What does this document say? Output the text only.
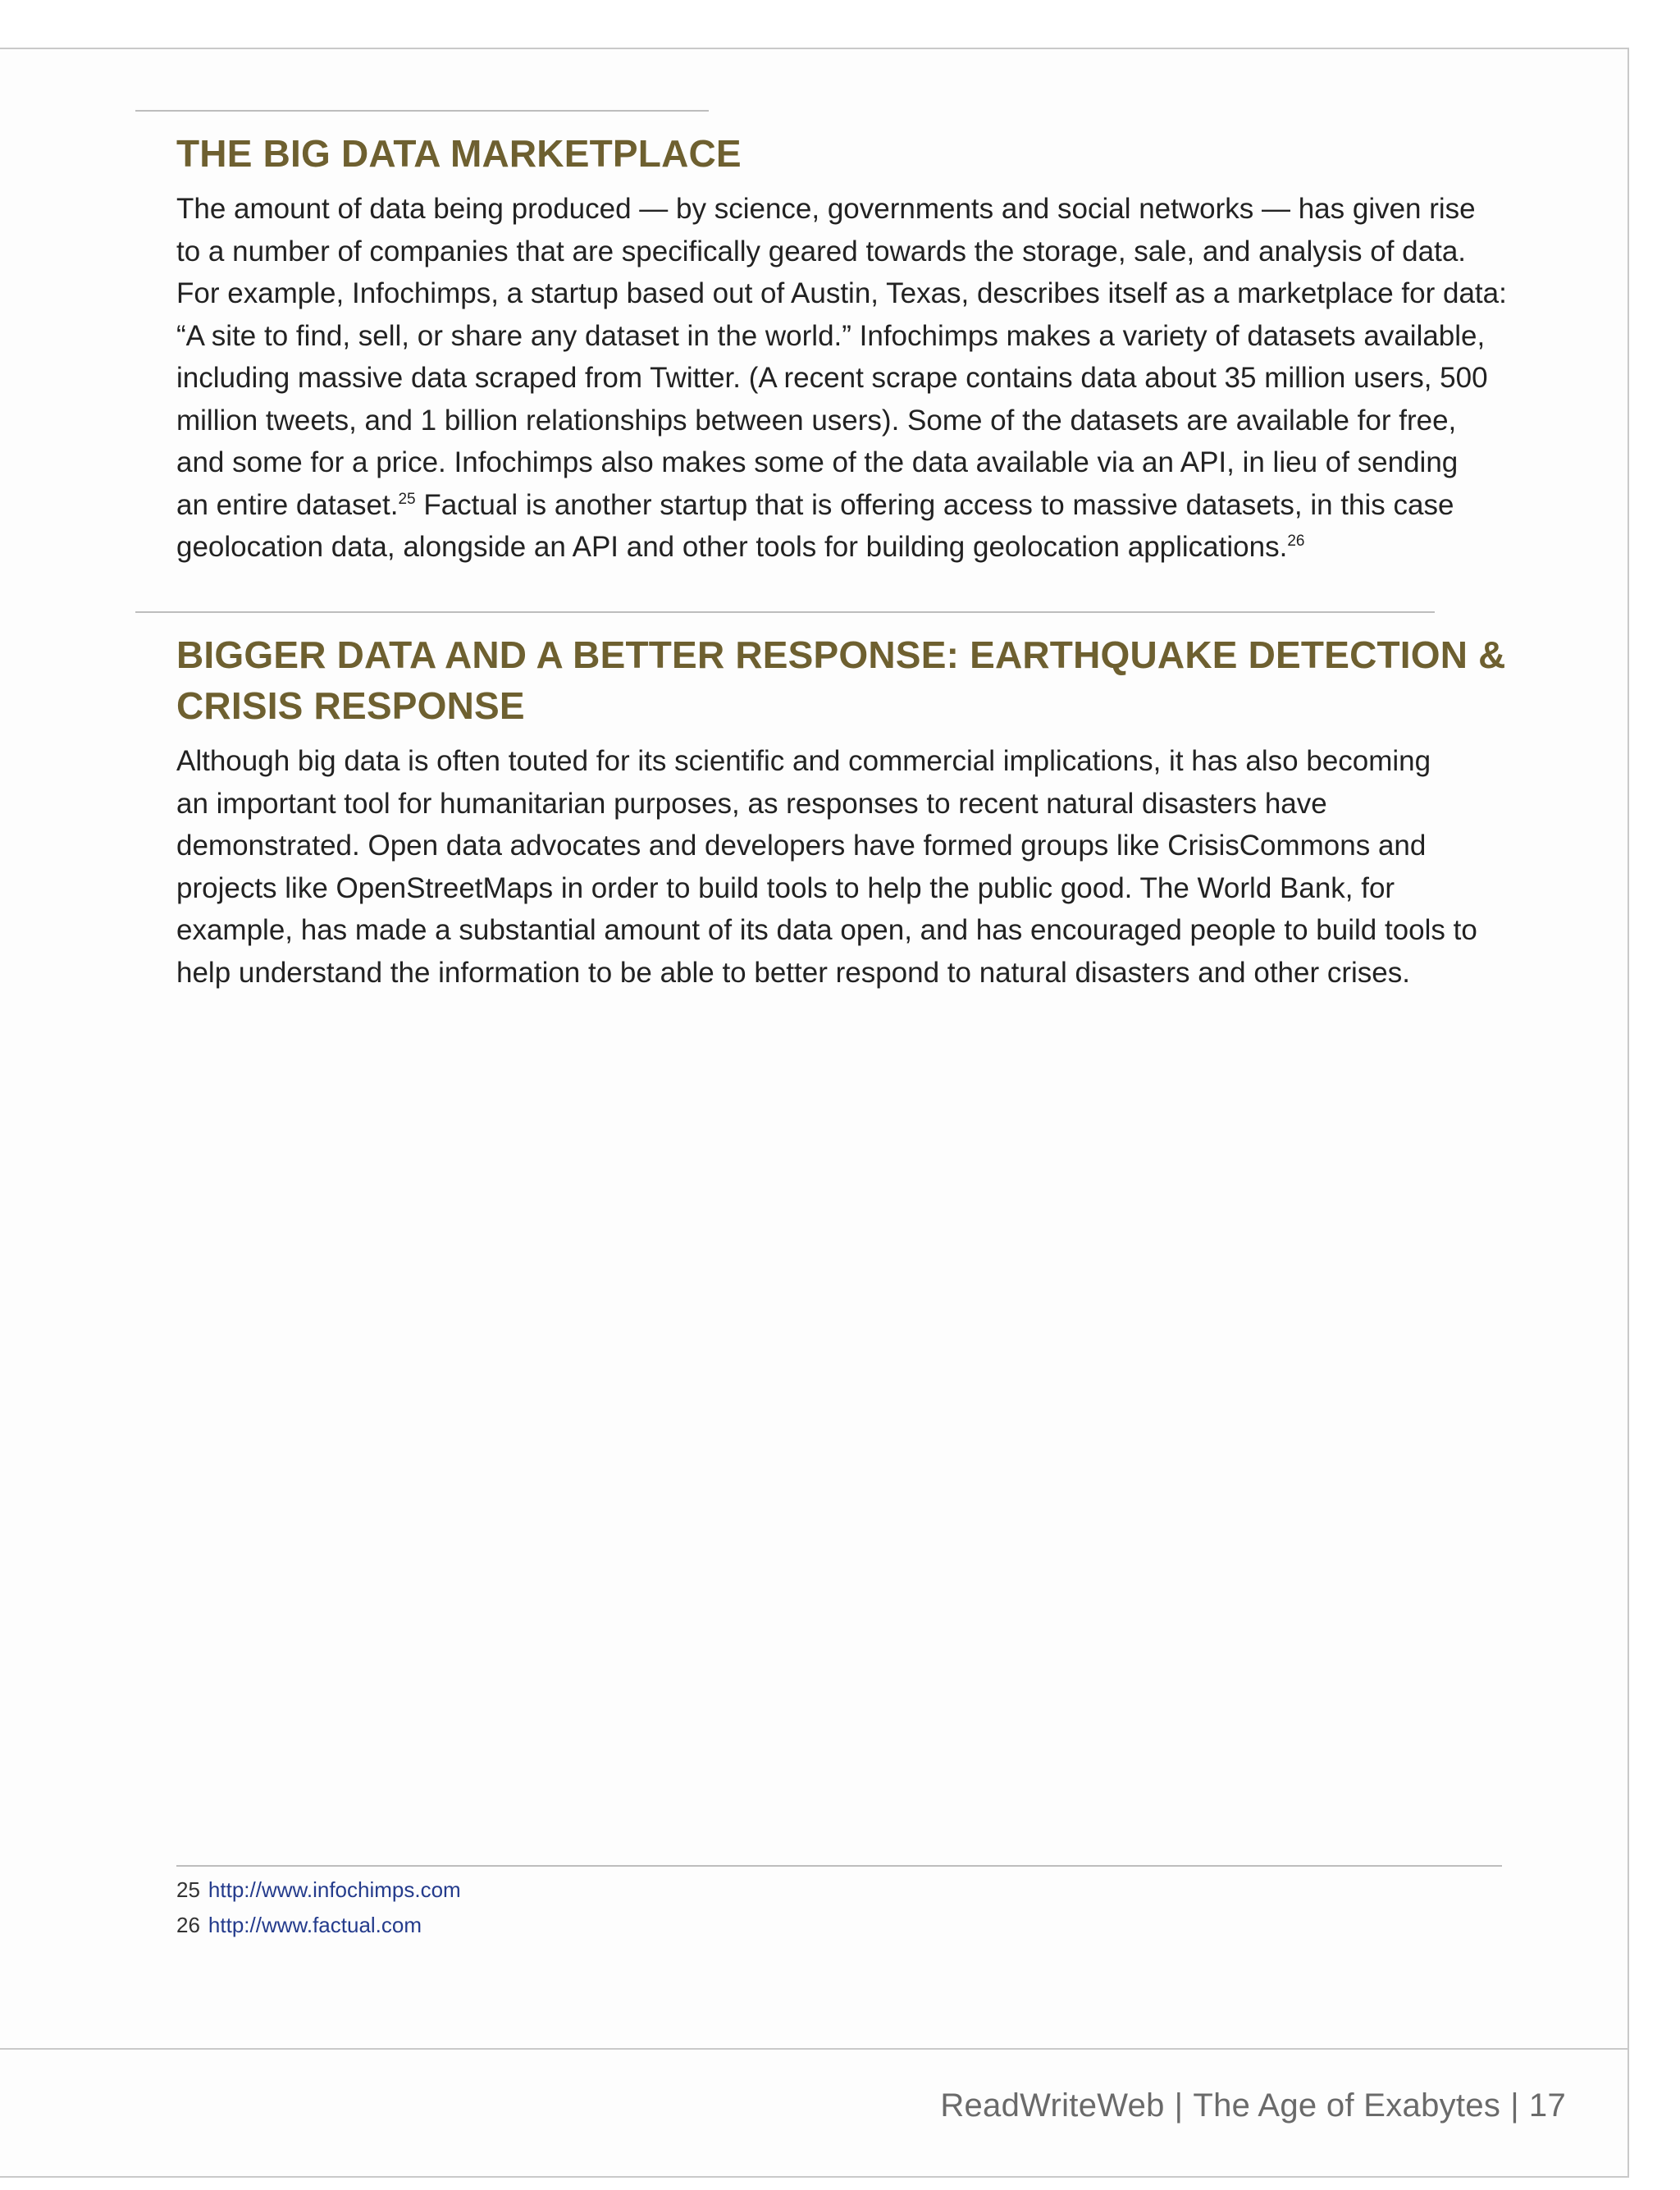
THE BIG DATA MARKETPLACE
The amount of data being produced — by science, governments and social networks — has given rise
to a number of companies that are specifically geared towards the storage, sale, and analysis of data.
For example, Infochimps, a startup based out of Austin, Texas, describes itself as a marketplace for data:
“A site to find, sell, or share any dataset in the world.” Infochimps makes a variety of datasets available,
including massive data scraped from Twitter. (A recent scrape contains data about 35 million users, 500
million tweets, and 1 billion relationships between users). Some of the datasets are available for free,
and some for a price. Infochimps also makes some of the data available via an API, in lieu of sending
an entire dataset.$^{25}$ Factual is another startup that is offering access to massive datasets, in this case
geolocation data, alongside an API and other tools for building geolocation applications.$^{26}$
BIGGER DATA AND A BETTER RESPONSE: EARTHQUAKE DETECTION &
CRISIS RESPONSE
Although big data is often touted for its scientific and commercial implications, it has also becoming
an important tool for humanitarian purposes, as responses to recent natural disasters have
demonstrated. Open data advocates and developers have formed groups like CrisisCommons and
projects like OpenStreetMaps in order to build tools to help the public good. The World Bank, for
example, has made a substantial amount of its data open, and has encouraged people to build tools to
help understand the information to be able to better respond to natural disasters and other crises.
25 http://www.infochimps.com
26 http://www.factual.com
ReadWriteWeb | The Age of Exabytes | 17
